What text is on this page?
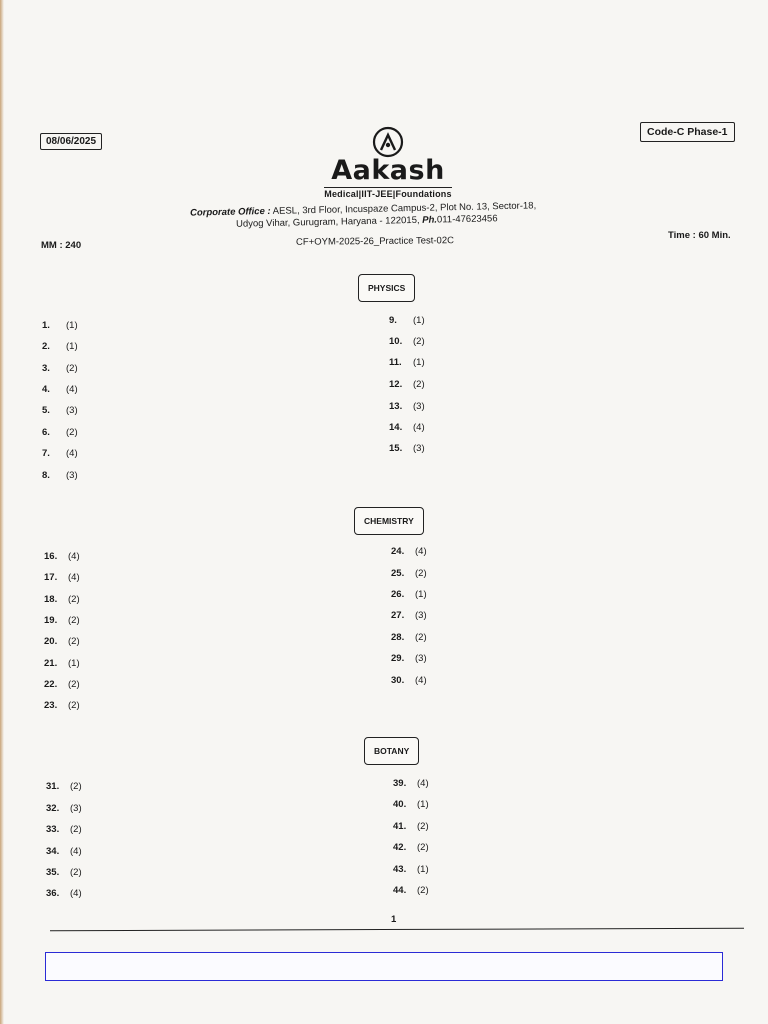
08/06/2025
Code-C Phase-1
Aakash
Medical|IIT-JEE|Foundations
Corporate Office : AESL, 3rd Floor, Incuspaze Campus-2, Plot No. 13, Sector-18,
Udyog Vihar, Gurugram, Haryana - 122015, Ph.011-47623456
MM : 240
Time : 60 Min.
CF+OYM-2025-26_Practice Test-02C
PHYSICS
1. (1)
2. (1)
3. (2)
4. (4)
5. (3)
6. (2)
7. (4)
8. (3)
9. (1)
10. (2)
11. (1)
12. (2)
13. (3)
14. (4)
15. (3)
CHEMISTRY
16. (4)
17. (4)
18. (2)
19. (2)
20. (2)
21. (1)
22. (2)
23. (2)
24. (4)
25. (2)
26. (1)
27. (3)
28. (2)
29. (3)
30. (4)
BOTANY
31. (2)
32. (3)
33. (2)
34. (4)
35. (2)
36. (4)
39. (4)
40. (1)
41. (2)
42. (2)
43. (1)
44. (2)
1
